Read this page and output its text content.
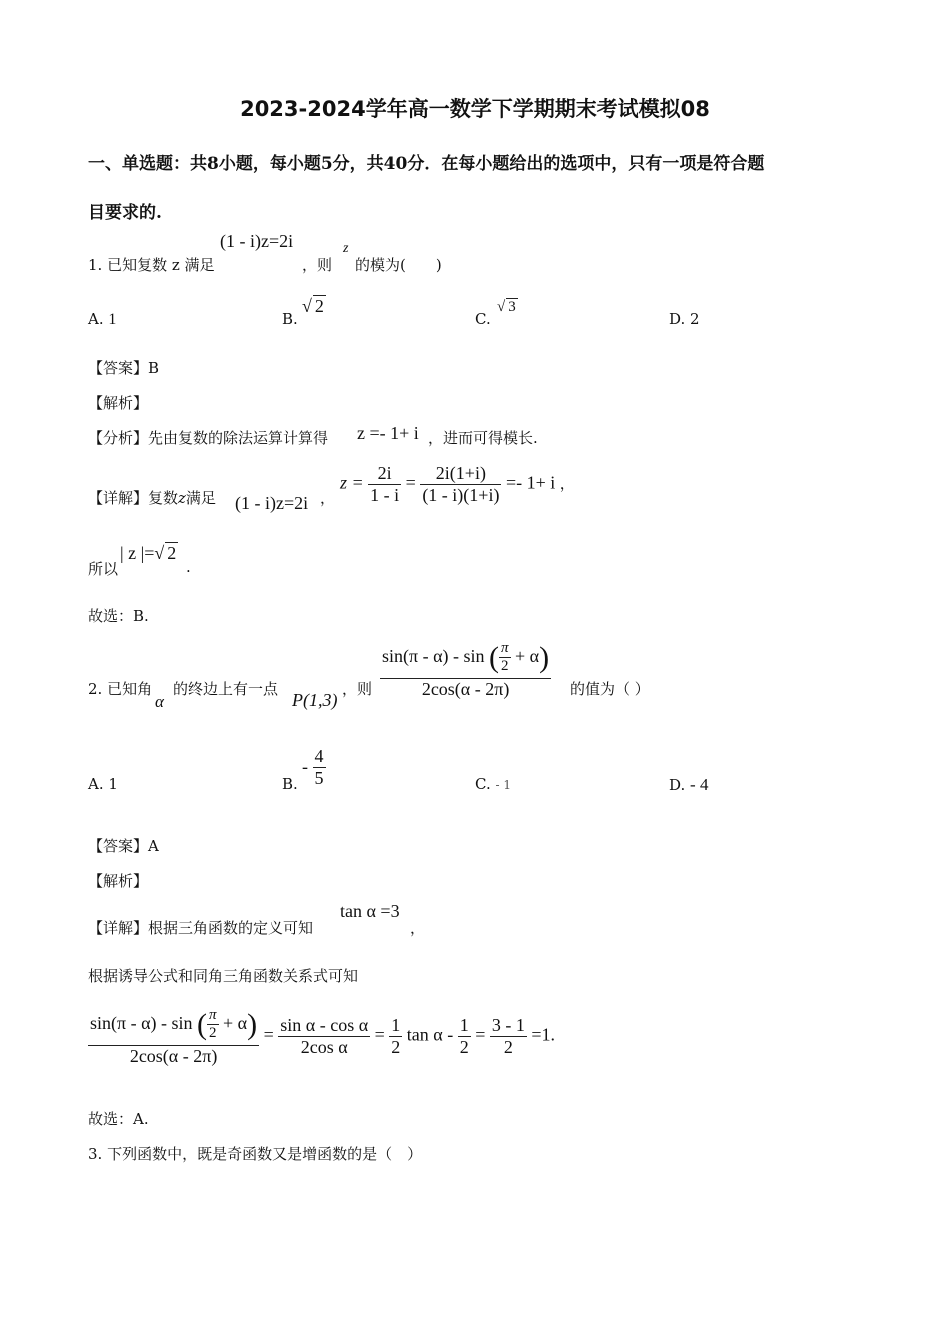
2023-2024学年高一数学下学期期末考试模拟08
一、单选题：共8小题，每小题5分，共40分．在每小题给出的选项中，只有一项是符合题
目要求的.
1. 已知复数 z 满足
(1 - i)z=2i
，则
z
的模为(　　)
A. 1	B.
√ 2
C.
√ 3
D. 2
【答案】B
【解析】
【分析】先由复数的除法运算计算得 z =- 1+ i ，进而可得模长.
【详解】复数z满足 (1 - i)z=2i ，
$z = \frac{2i}{1 - i} = \frac{2i(1+i)}{(1 - i)(1+i)} =- 1+ i$ ，
所以
| z |=√ 2
.
故选：B.
2. 已知角
α
的终边上有一点
P(1,3)
，则 $\frac{\sin(\pi - \alpha) - \sin ( \frac{\pi}{2} + \alpha)}{2\cos(\alpha - 2\pi)}$ 的值为（ ）
A. 1	B.
- $\frac{4}{5}$	C. - 1	D. - 4
【答案】A
【解析】
【详解】根据三角函数的定义可知
tan α =3
，
根据诱导公式和同角三角函数关系式可知
$\frac{\sin(\pi - \alpha) - \sin ( \frac{\pi}{2} + \alpha)}{2\cos(\alpha - 2\pi)} = \frac{\text{sin α - cos α}}{\text{2cos α}} = \frac{1}{2}$ $\tan \alpha - \frac{1}{2} = \frac{3 - 1}{2} =1$.
故选：A.
3. 下列函数中，既是奇函数又是增函数的是（　）
